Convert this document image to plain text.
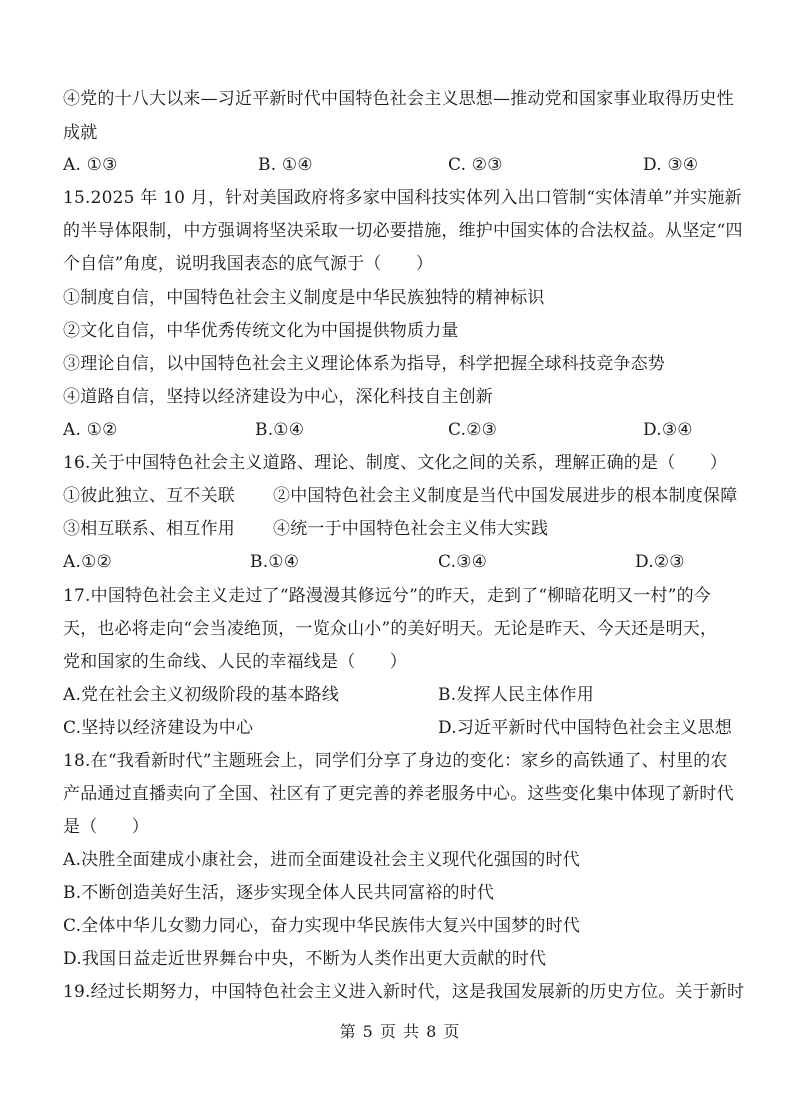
④党的十八大以来—习近平新时代中国特色社会主义思想—推动党和国家事业取得历史性
成就
A. ①③	B. ①④	C. ②③	D. ③④
15.2025 年 10 月，针对美国政府将多家中国科技实体列入出口管制“实体清单”并实施新
的半导体限制，中方强调将坚决采取一切必要措施，维护中国实体的合法权益。从坚定“四
个自信”角度，说明我国表态的底气源于（　　）
①制度自信，中国特色社会主义制度是中华民族独特的精神标识
②文化自信，中华优秀传统文化为中国提供物质力量
③理论自信，以中国特色社会主义理论体系为指导，科学把握全球科技竞争态势
④道路自信，坚持以经济建设为中心，深化科技自主创新
A. ①②	B.①④	C.②③	D.③④
16.关于中国特色社会主义道路、理论、制度、文化之间的关系，理解正确的是（　　）
①彼此独立、互不关联 ②中国特色社会主义制度是当代中国发展进步的根本制度保障
③相互联系、相互作用 ④统一于中国特色社会主义伟大实践
A.①②	B.①④	C.③④	D.②③
17.中国特色社会主义走过了“路漫漫其修远兮”的昨天，走到了“柳暗花明又一村”的今
天，也必将走向“会当凌绝顶，一览众山小”的美好明天。无论是昨天、今天还是明天，
党和国家的生命线、人民的幸福线是（　　）
A.党在社会主义初级阶段的基本路线	B.发挥人民主体作用
C.坚持以经济建设为中心	D.习近平新时代中国特色社会主义思想
18.在“我看新时代”主题班会上，同学们分享了身边的变化：家乡的高铁通了、村里的农
产品通过直播卖向了全国、社区有了更完善的养老服务中心。这些变化集中体现了新时代
是（　　）
A.决胜全面建成小康社会，进而全面建设社会主义现代化强国的时代
B.不断创造美好生活，逐步实现全体人民共同富裕的时代
C.全体中华儿女勠力同心，奋力实现中华民族伟大复兴中国梦的时代
D.我国日益走近世界舞台中央，不断为人类作出更大贡献的时代
19.经过长期努力，中国特色社会主义进入新时代，这是我国发展新的历史方位。关于新时
第 5 页 共 8 页
